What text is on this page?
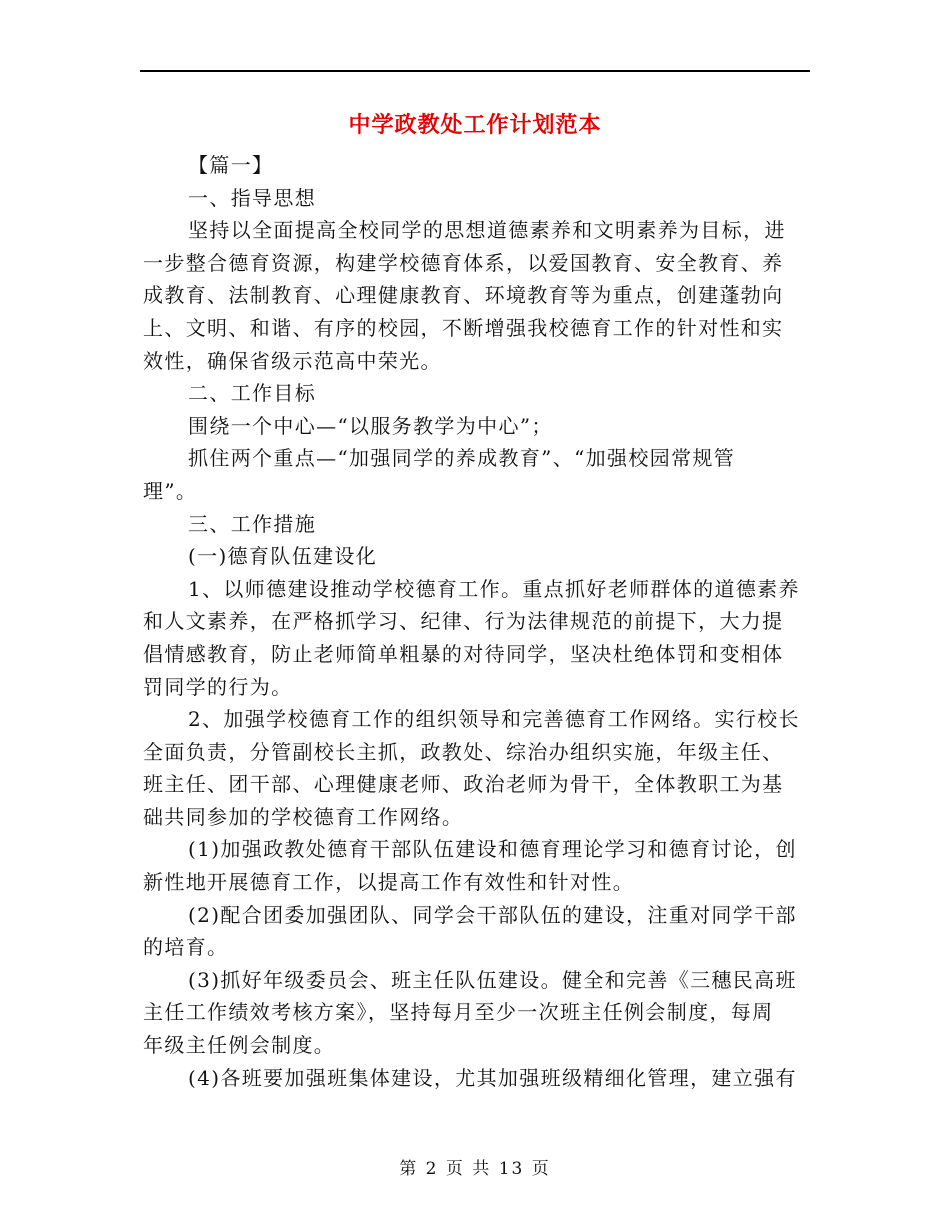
中学政教处工作计划范本
【篇一】
一、指导思想
坚持以全面提高全校同学的思想道德素养和文明素养为目标，进
一步整合德育资源，构建学校德育体系，以爱国教育、安全教育、养
成教育、法制教育、心理健康教育、环境教育等为重点，创建蓬勃向
上、文明、和谐、有序的校园，不断增强我校德育工作的针对性和实
效性，确保省级示范高中荣光。
二、工作目标
围绕一个中心—“以服务教学为中心”；
抓住两个重点—“加强同学的养成教育”、“加强校园常规管
理”。
三、工作措施
(一)德育队伍建设化
1、以师德建设推动学校德育工作。重点抓好老师群体的道德素养
和人文素养，在严格抓学习、纪律、行为法律规范的前提下，大力提
倡情感教育，防止老师简单粗暴的对待同学，坚决杜绝体罚和变相体
罚同学的行为。
2、加强学校德育工作的组织领导和完善德育工作网络。实行校长
全面负责，分管副校长主抓，政教处、综治办组织实施，年级主任、
班主任、团干部、心理健康老师、政治老师为骨干，全体教职工为基
础共同参加的学校德育工作网络。
(1)加强政教处德育干部队伍建设和德育理论学习和德育讨论，创
新性地开展德育工作，以提高工作有效性和针对性。
(2)配合团委加强团队、同学会干部队伍的建设，注重对同学干部
的培育。
(3)抓好年级委员会、班主任队伍建设。健全和完善《三穗民高班
主任工作绩效考核方案》，坚持每月至少一次班主任例会制度，每周
年级主任例会制度。
(4)各班要加强班集体建设，尤其加强班级精细化管理，建立强有
第 2 页 共 13 页
